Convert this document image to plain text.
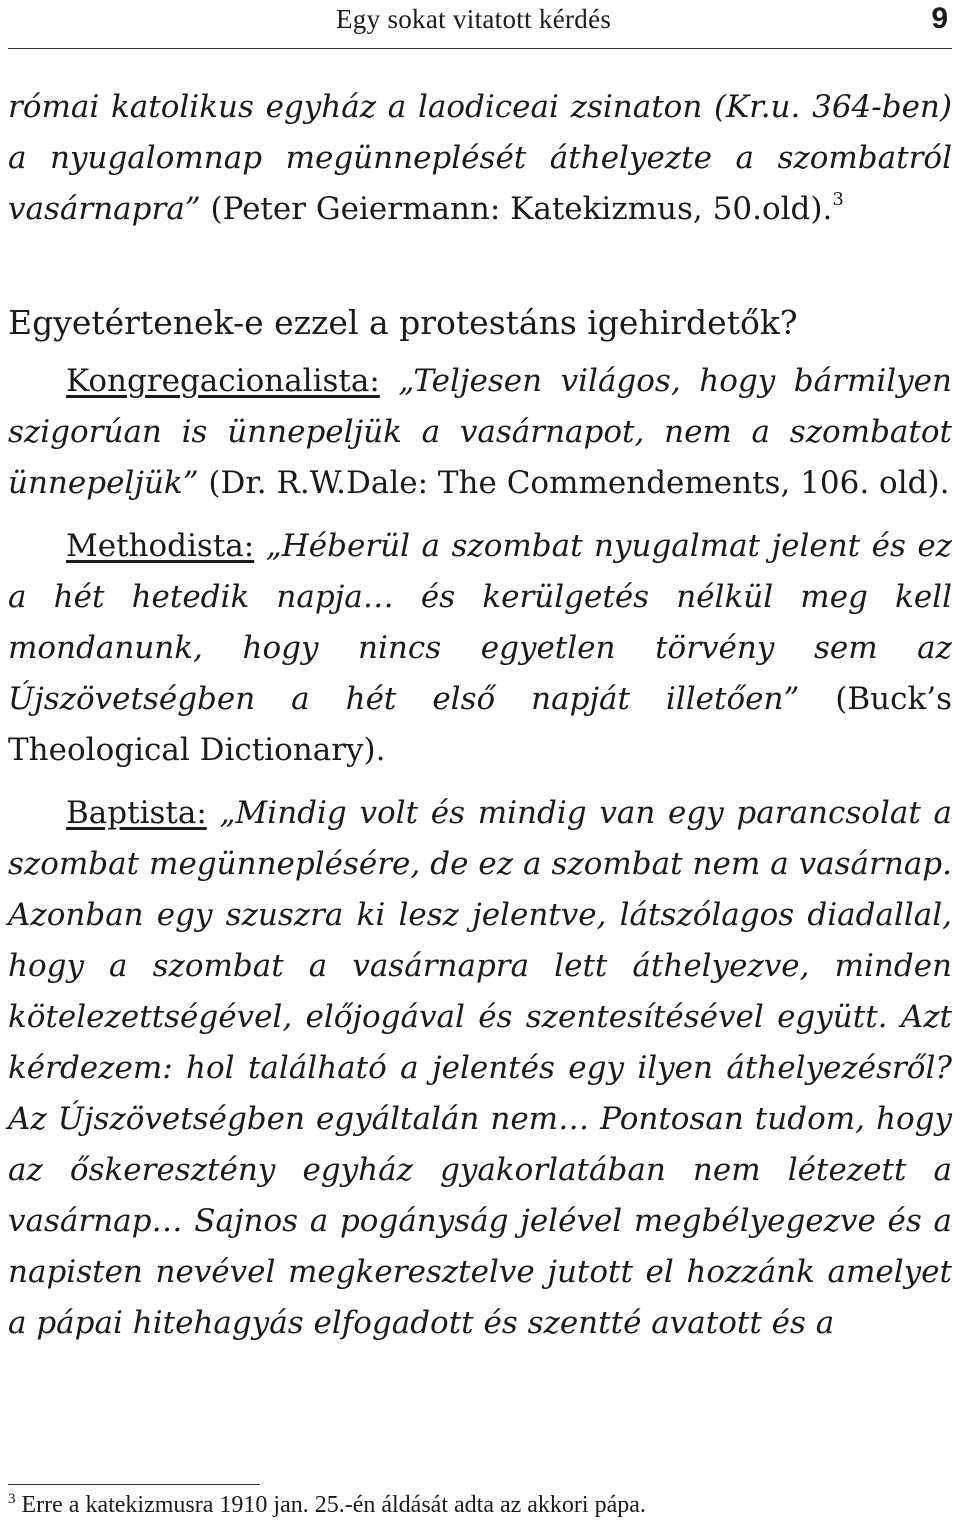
Egy sokat vitatott kérdés	9

római katolikus egyház a laodiceai zsinaton (Kr.u. 364-ben) a nyugalomnap megünneplését áthelyezte a szombatról vasárnapra” (Peter Geiermann: Katekizmus, 50.old).$^3$

Egyetértenek-e ezzel a protestáns igehirdetők?

Kongregacionalista: „Teljesen világos, hogy bármilyen szigorúan is ünnepeljük a vasárnapot, nem a szombatot ünnepeljük” (Dr. R.W.Dale: The Commendements, 106. old).

Methodista: „Héberül a szombat nyugalmat jelent és ez a hét hetedik napja… és kerülgetés nélkül meg kell mondanunk, hogy nincs egyetlen törvény sem az Újszövetségben a hét első napját illetően” (Buck’s Theological Dictionary).

Baptista: „Mindig volt és mindig van egy parancsolat a szombat megünneplésére, de ez a szombat nem a vasárnap. Azonban egy szuszra ki lesz jelentve, látszólagos diadallal, hogy a szombat a vasárnapra lett áthelyezve, minden kötelezettségével, előjogával és szentesítésével együtt. Azt kérdezem: hol található a jelentés egy ilyen áthelyezésről? Az Újszövetségben egyáltalán nem… Pontosan tudom, hogy az őskeresztény egyház gyakorlatában nem létezett a vasárnap… Sajnos a pogányság jelével megbélyegezve és a napisten nevével megkeresztelve jutott el hozzánk amelyet a pápai hitehagyás elfogadott és szentté avatott és a

$^3$ Erre a katekizmusra 1910 jan. 25.-én áldását adta az akkori pápa.
